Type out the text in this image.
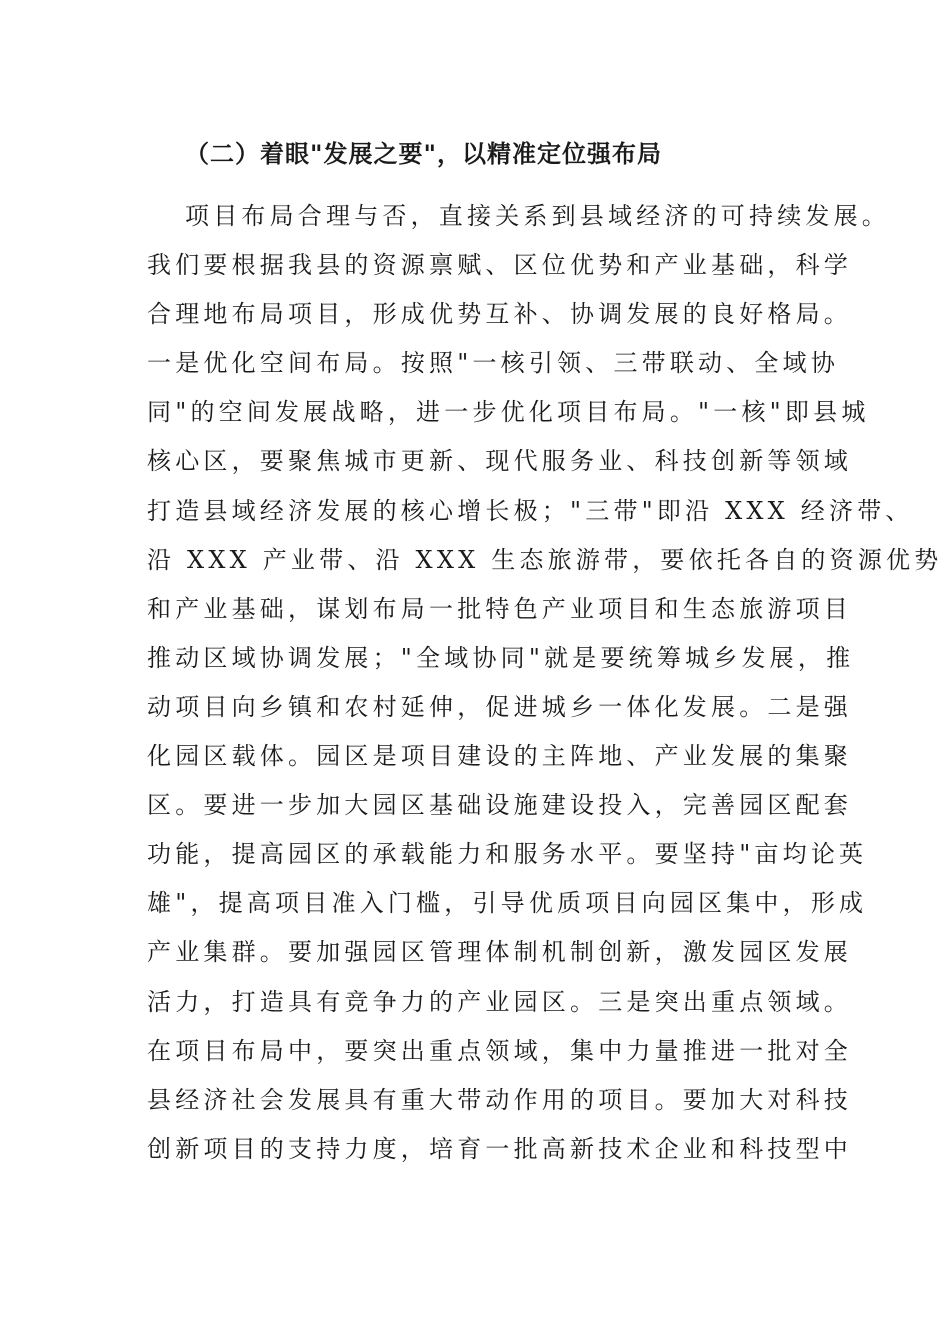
（二）着眼"发展之要"，以精准定位强布局
项目布局合理与否，直接关系到县域经济的可持续发展。
我们要根据我县的资源禀赋、区位优势和产业基础，科学
合理地布局项目，形成优势互补、协调发展的良好格局。
一是优化空间布局。按照"一核引领、三带联动、全域协
同"的空间发展战略，进一步优化项目布局。"一核"即县城
核心区，要聚焦城市更新、现代服务业、科技创新等领域
打造县域经济发展的核心增长极；"三带"即沿 XXX 经济带、
沿 XXX 产业带、沿 XXX 生态旅游带，要依托各自的资源优势
和产业基础，谋划布局一批特色产业项目和生态旅游项目
推动区域协调发展；"全域协同"就是要统筹城乡发展，推
动项目向乡镇和农村延伸，促进城乡一体化发展。二是强
化园区载体。园区是项目建设的主阵地、产业发展的集聚
区。要进一步加大园区基础设施建设投入，完善园区配套
功能，提高园区的承载能力和服务水平。要坚持"亩均论英
雄"，提高项目准入门槛，引导优质项目向园区集中，形成
产业集群。要加强园区管理体制机制创新，激发园区发展
活力，打造具有竞争力的产业园区。三是突出重点领域。
在项目布局中，要突出重点领域，集中力量推进一批对全
县经济社会发展具有重大带动作用的项目。要加大对科技
创新项目的支持力度，培育一批高新技术企业和科技型中
